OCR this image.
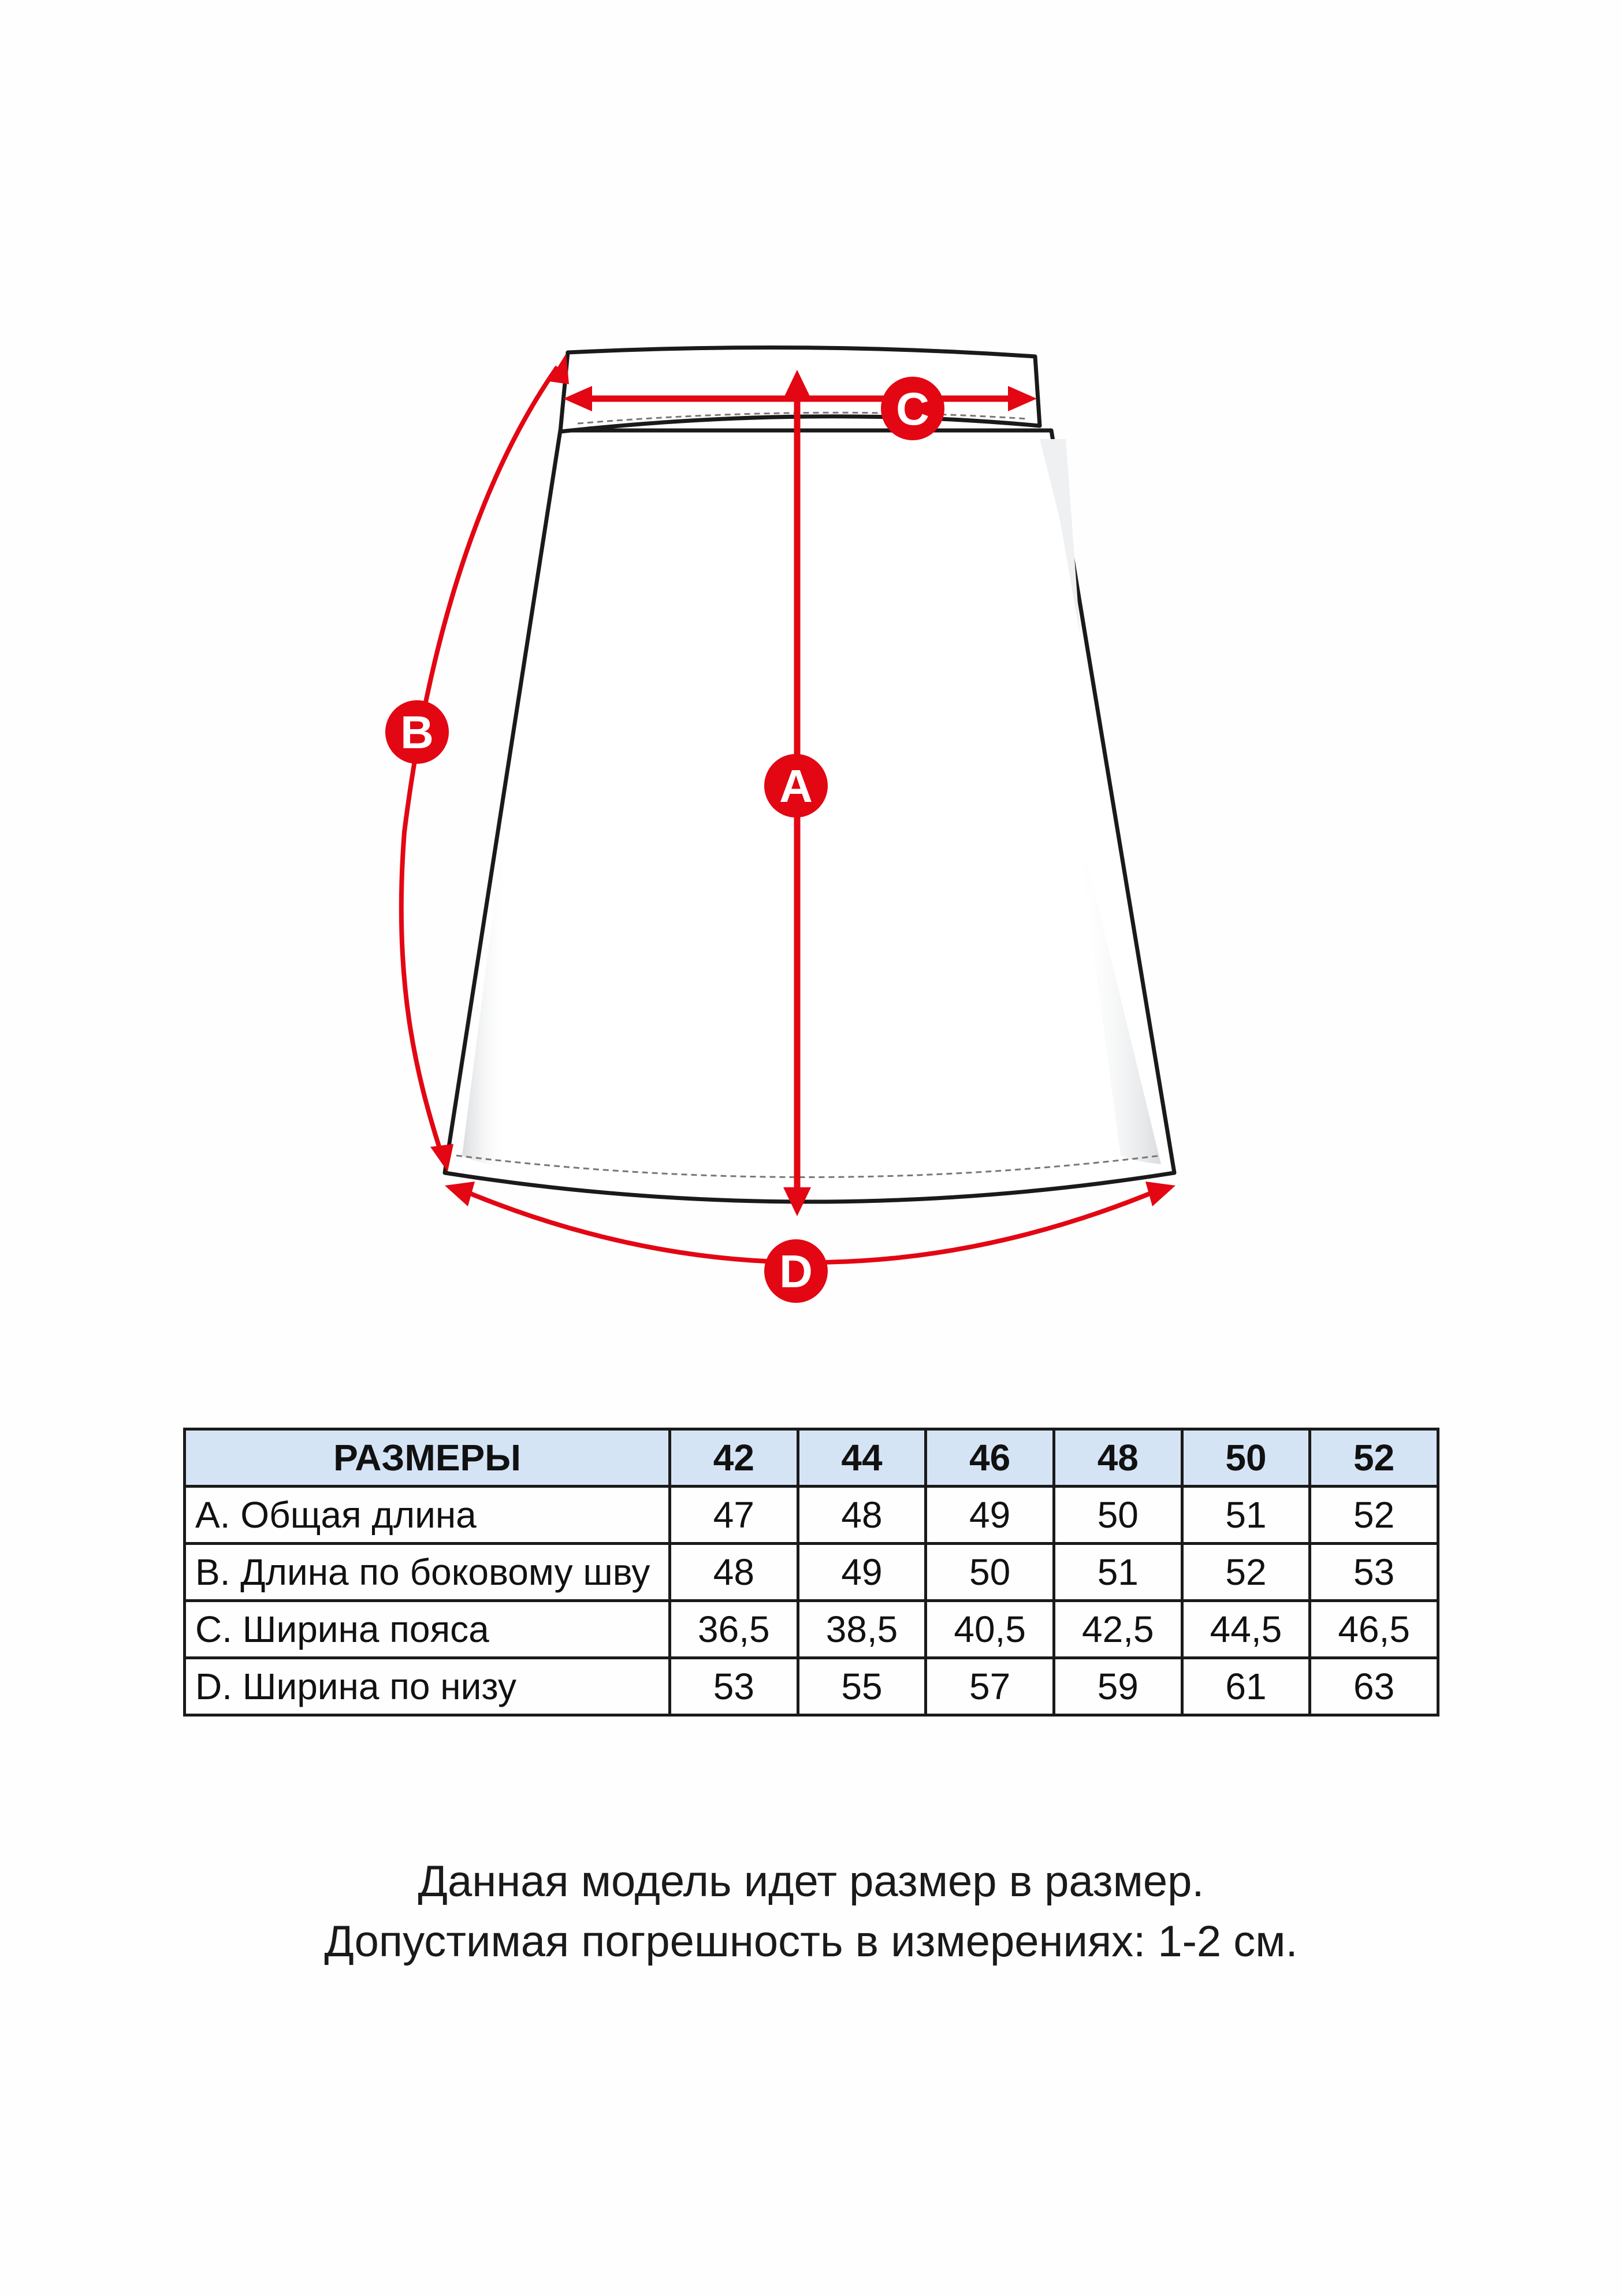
A
B
C
D
РАЗМЕРЫ	42	44	46	48	50	52
A. Общая длина	47	48	49	50	51	52
B. Длина по боковому шву	48	49	50	51	52	53
C. Ширина пояса	36,5	38,5	40,5	42,5	44,5	46,5
D. Ширина по низу	53	55	57	59	61	63
Данная модель идет размер в размер.
Допустимая погрешность в измерениях: 1-2 см.
